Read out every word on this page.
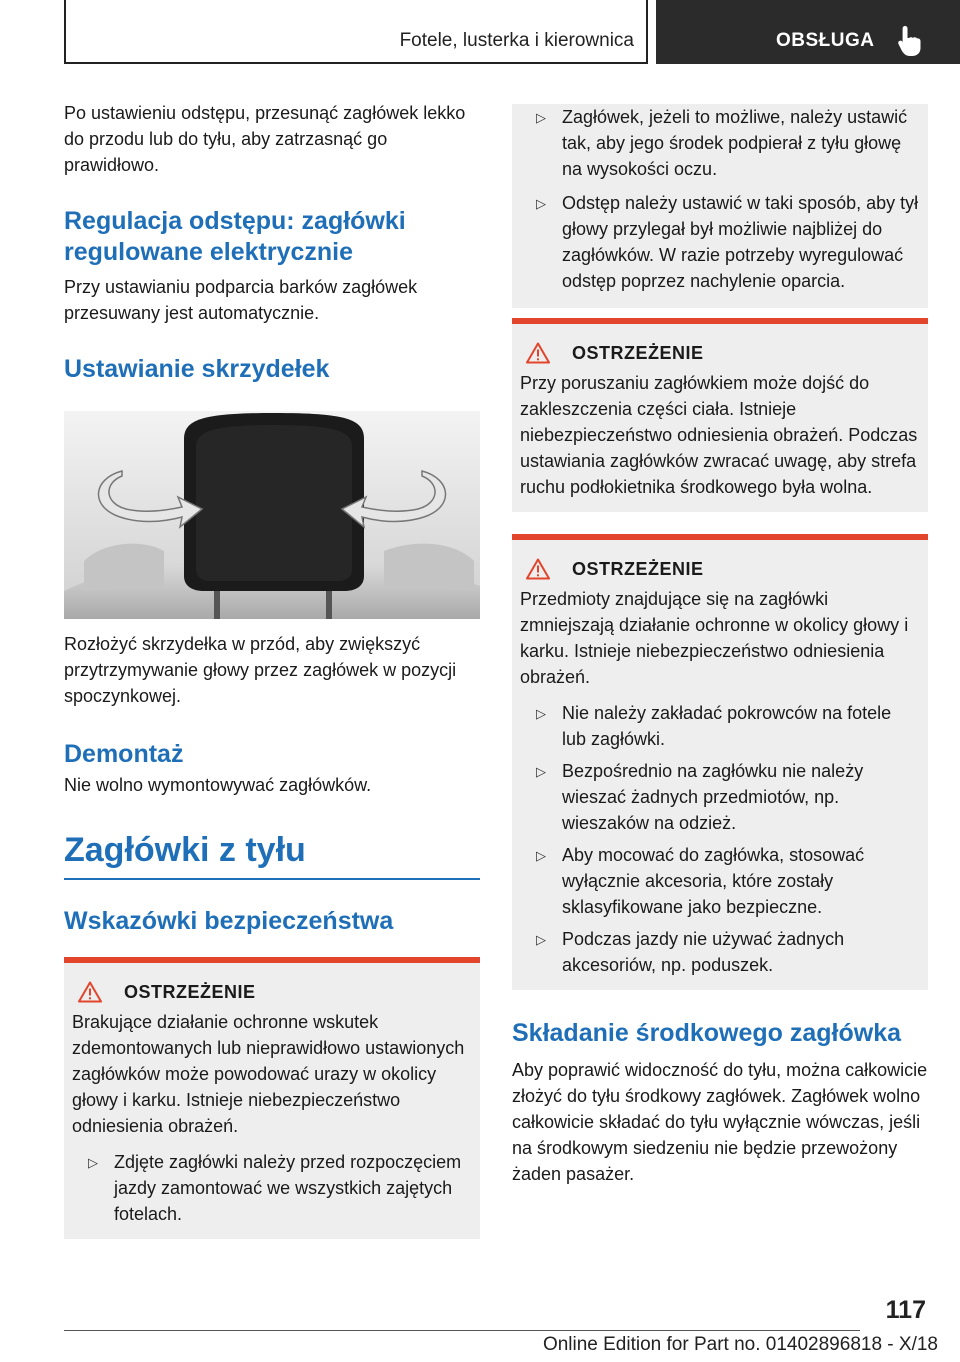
Fotele, lusterka i kierownica	OBSŁUGA

Po ustawieniu odstępu, przesunąć zagłówek lekko do przodu lub do tyłu, aby zatrzasnąć go prawidłowo.

Regulacja odstępu: zagłówki regulowane elektrycznie

Przy ustawianiu podparcia barków zagłówek przesuwany jest automatycznie.

Ustawianie skrzydełek

Rozłożyć skrzydełka w przód, aby zwiększyć przytrzymywanie głowy przez zagłówek w pozycji spoczynkowej.

Demontaż

Nie wolno wymontowywać zagłówków.

Zagłówki z tyłu
Wskazówki bezpieczeństwa
OSTRZEŻENIE

Brakujące działanie ochronne wskutek zdemontowanych lub nieprawidłowo ustawionych zagłówków może powodować urazy w okolicy głowy i karku. Istnieje niebezpieczeństwo odniesienia obrażeń.

▷ Zdjęte zagłówki należy przed rozpoczęciem jazdy zamontować we wszystkich zajętych fotelach.
▷ Zagłówek, jeżeli to możliwe, należy ustawić tak, aby jego środek podpierał z tyłu głowę na wysokości oczu.
▷ Odstęp należy ustawić w taki sposób, aby tył głowy przylegał był możliwie najbliżej do zagłówków. W razie potrzeby wyregulować odstęp poprzez nachylenie oparcia.
OSTRZEŻENIE

Przy poruszaniu zagłówkiem może dojść do zakleszczenia części ciała. Istnieje niebezpieczeństwo odniesienia obrażeń. Podczas ustawiania zagłówków zwracać uwagę, aby strefa ruchu podłokietnika środkowego była wolna.

OSTRZEŻENIE

Przedmioty znajdujące się na zagłówki zmniejszają działanie ochronne w okolicy głowy i karku. Istnieje niebezpieczeństwo odniesienia obrażeń.

▷ Nie należy zakładać pokrowców na fotele lub zagłówki.
▷ Bezpośrednio na zagłówku nie należy wieszać żadnych przedmiotów, np. wieszaków na odzież.
▷ Aby mocować do zagłówka, stosować wyłącznie akcesoria, które zostały sklasyfikowane jako bezpieczne.
▷ Podczas jazdy nie używać żadnych akcesoriów, np. poduszek.
Składanie środkowego zagłówka

Aby poprawić widoczność do tyłu, można całkowicie złożyć do tyłu środkowy zagłówek. Zagłówek wolno całkowicie składać do tyłu wyłącznie wówczas, jeśli na środkowym siedzeniu nie będzie przewożony żaden pasażer.

117
Online Edition for Part no. 01402896818 - X/18
